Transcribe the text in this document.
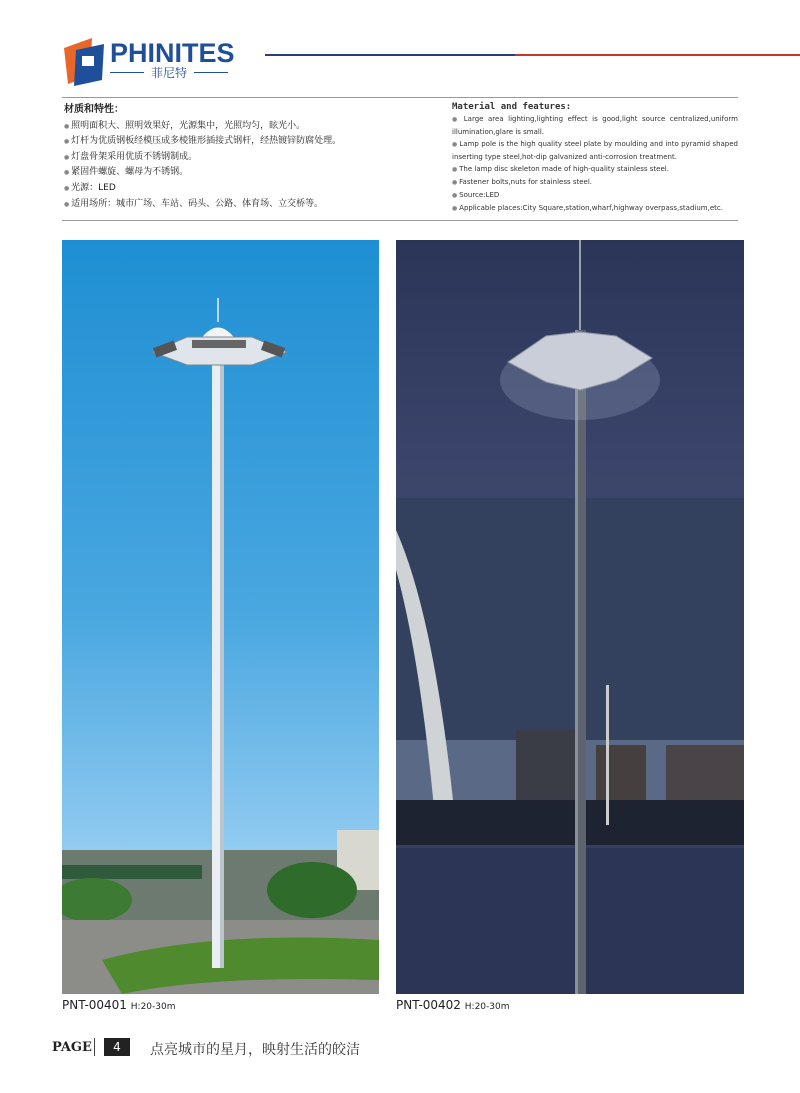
PHINITES
菲尼特
材质和特性：
● 照明面积大、照明效果好，光源集中，光照均匀，眩光小。
● 灯杆为优质钢板经模压成多棱锥形插接式钢杆，经热镀锌防腐处理。
● 灯盘骨架采用优质不锈钢制成。
● 紧固件螺旋、螺母为不锈钢。
● 光源：LED
● 适用场所：城市广场、车站、码头、公路、体育场、立交桥等。
Material and features:
● Large area lighting,lighting effect is good,light source centralized,uniform illumination,glare is small.
● Lamp pole is the high quality steel plate by moulding and into pyramid shaped inserting type steel,hot-dip galvanized anti-corrosion treatment.
● The lamp disc skeleton made of high-quality stainless steel.
● Fastener bolts,nuts for stainless steel.
● Source:LED
● Applicable places:City Square,station,wharf,highway overpass,stadium,etc.
PNT-00401 H:20-30m	PNT-00402 H:20-30m
PAGE	4	点亮城市的星月，映射生活的皎洁
